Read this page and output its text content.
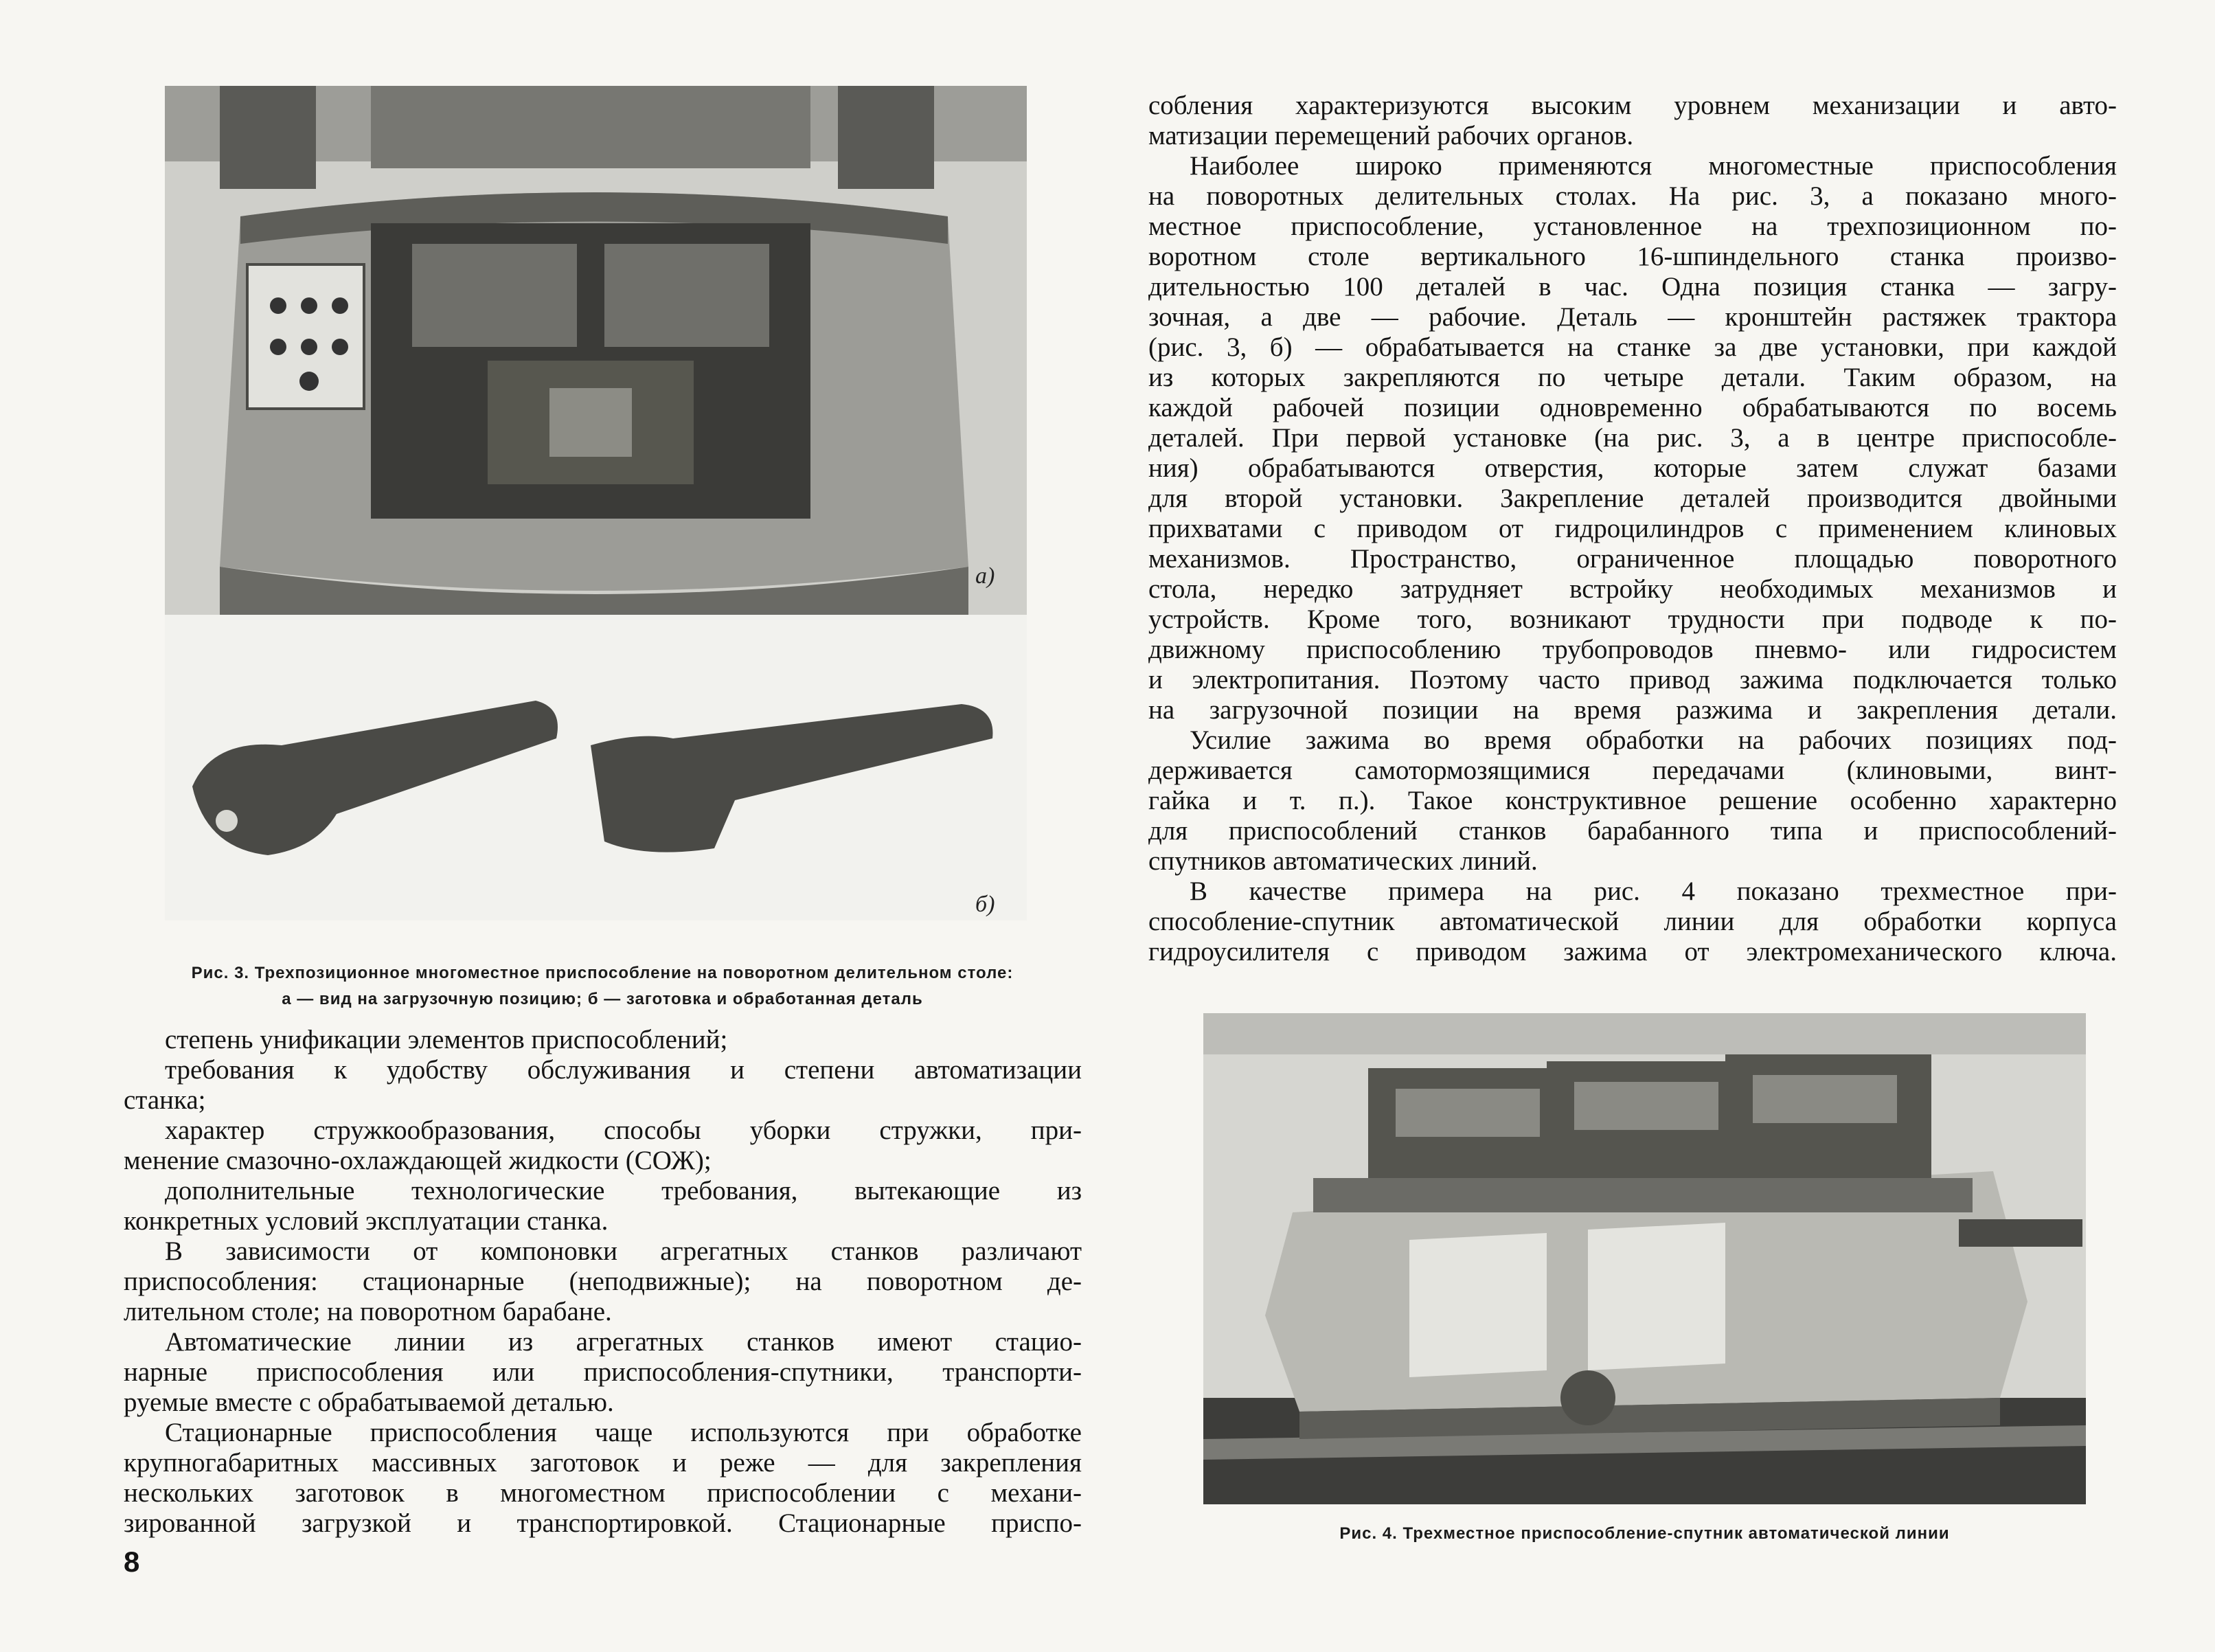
а)
б)
Рис. 3. Трехпозиционное многоместное приспособление на поворотном делительном столе:
а — вид на загрузочную позицию; б — заготовка и обработанная деталь
степень унификации элементов приспособлений;
требования к удобству обслуживания и степени автоматизации
станка;
характер стружкообразования, способы уборки стружки, при-
менение смазочно-охлаждающей жидкости (СОЖ);
дополнительные технологические требования, вытекающие из
конкретных условий эксплуатации станка.
В зависимости от компоновки агрегатных станков различают
приспособления: стационарные (неподвижные); на поворотном де-
лительном столе; на поворотном барабане.
Автоматические линии из агрегатных станков имеют стацио-
нарные приспособления или приспособления-спутники, транспорти-
руемые вместе с обрабатываемой деталью.
Стационарные приспособления чаще используются при обработке
крупногабаритных массивных заготовок и реже — для закрепления
нескольких заготовок в многоместном приспособлении с механи-
зированной загрузкой и транспортировкой. Стационарные приспо-
8
собления характеризуются высоким уровнем механизации и авто-
матизации перемещений рабочих органов.
Наиболее широко применяются многоместные приспособления
на поворотных делительных столах. На рис. 3, а показано много-
местное приспособление, установленное на трехпозиционном по-
воротном столе вертикального 16-шпиндельного станка произво-
дительностью 100 деталей в час. Одна позиция станка — загру-
зочная, а две — рабочие. Деталь — кронштейн растяжек трактора
(рис. 3, б) — обрабатывается на станке за две установки, при каждой
из которых закрепляются по четыре детали. Таким образом, на
каждой рабочей позиции одновременно обрабатываются по восемь
деталей. При первой установке (на рис. 3, а в центре приспособле-
ния) обрабатываются отверстия, которые затем служат базами
для второй установки. Закрепление деталей производится двойными
прихватами с приводом от гидроцилиндров с применением клиновых
механизмов. Пространство, ограниченное площадью поворотного
стола, нередко затрудняет встройку необходимых механизмов и
устройств. Кроме того, возникают трудности при подводе к по-
движному приспособлению трубопроводов пневмо- или гидросистем
и электропитания. Поэтому часто привод зажима подключается только
на загрузочной позиции на время разжима и закрепления детали.
Усилие зажима во время обработки на рабочих позициях под-
держивается самотормозящимися передачами (клиновыми, винт-
гайка и т. п.). Такое конструктивное решение особенно характерно
для приспособлений станков барабанного типа и приспособлений-
спутников автоматических линий.
В качестве примера на рис. 4 показано трехместное при-
способление-спутник автоматической линии для обработки корпуса
гидроусилителя с приводом зажима от электромеханического ключа.
Рис. 4. Трехместное приспособление-спутник автоматической линии
